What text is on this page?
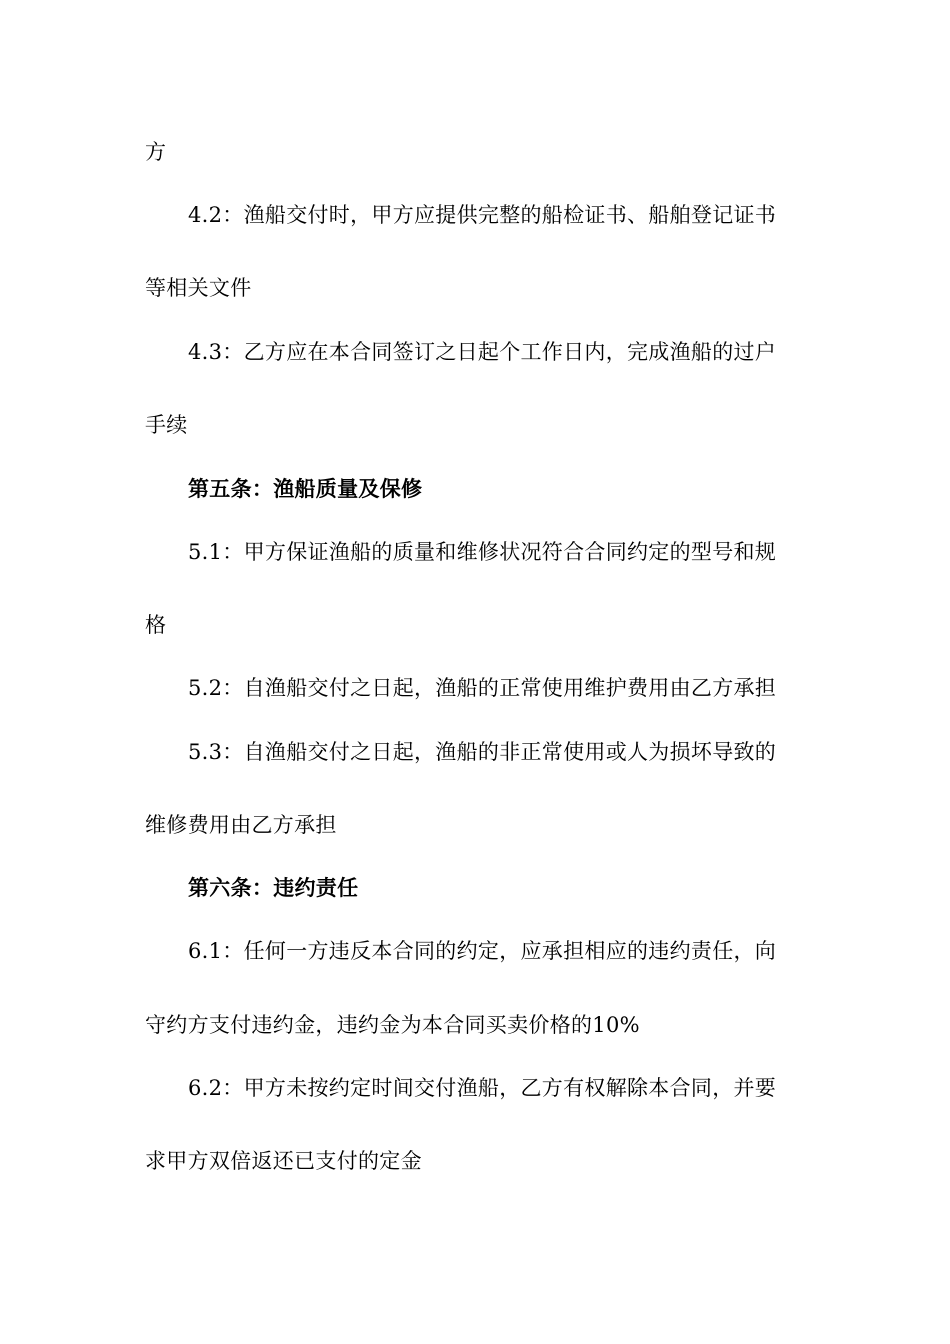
方
4.2：渔船交付时，甲方应提供完整的船检证书、船舶登记证书
等相关文件
4.3：乙方应在本合同签订之日起个工作日内，完成渔船的过户
手续
第五条：渔船质量及保修
5.1：甲方保证渔船的质量和维修状况符合合同约定的型号和规
格
5.2：自渔船交付之日起，渔船的正常使用维护费用由乙方承担
5.3：自渔船交付之日起，渔船的非正常使用或人为损坏导致的
维修费用由乙方承担
第六条：违约责任
6.1：任何一方违反本合同的约定，应承担相应的违约责任，向
守约方支付违约金，违约金为本合同买卖价格的10%
6.2：甲方未按约定时间交付渔船，乙方有权解除本合同，并要
求甲方双倍返还已支付的定金
